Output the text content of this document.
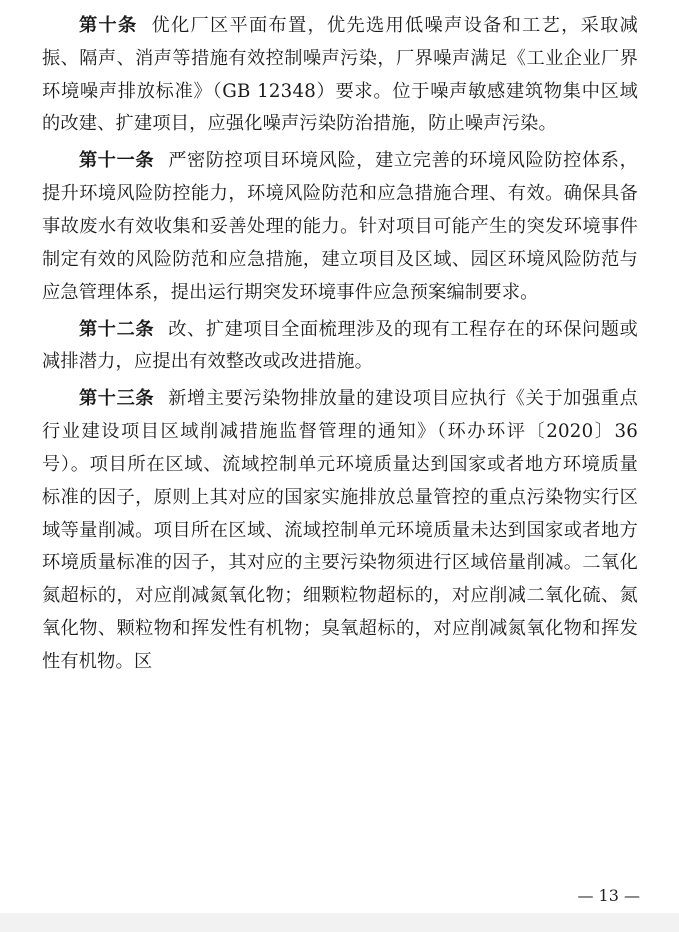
第十条 优化厂区平面布置，优先选用低噪声设备和工艺，采取减振、隔声、消声等措施有效控制噪声污染，厂界噪声满足《工业企业厂界环境噪声排放标准》（GB 12348）要求。位于噪声敏感建筑物集中区域的改建、扩建项目，应强化噪声污染防治措施，防止噪声污染。

第十一条 严密防控项目环境风险，建立完善的环境风险防控体系，提升环境风险防控能力，环境风险防范和应急措施合理、有效。确保具备事故废水有效收集和妥善处理的能力。针对项目可能产生的突发环境事件制定有效的风险防范和应急措施，建立项目及区域、园区环境风险防范与应急管理体系，提出运行期突发环境事件应急预案编制要求。

第十二条 改、扩建项目全面梳理涉及的现有工程存在的环保问题或减排潜力，应提出有效整改或改进措施。

第十三条 新增主要污染物排放量的建设项目应执行《关于加强重点行业建设项目区域削减措施监督管理的通知》（环办环评〔2020〕36 号）。项目所在区域、流域控制单元环境质量达到国家或者地方环境质量标准的因子，原则上其对应的国家实施排放总量管控的重点污染物实行区域等量削减。项目所在区域、流域控制单元环境质量未达到国家或者地方环境质量标准的因子，其对应的主要污染物须进行区域倍量削减。二氧化氮超标的，对应削减氮氧化物；细颗粒物超标的，对应削减二氧化硫、氮氧化物、颗粒物和挥发性有机物；臭氧超标的，对应削减氮氧化物和挥发性有机物。区

— 13 —
